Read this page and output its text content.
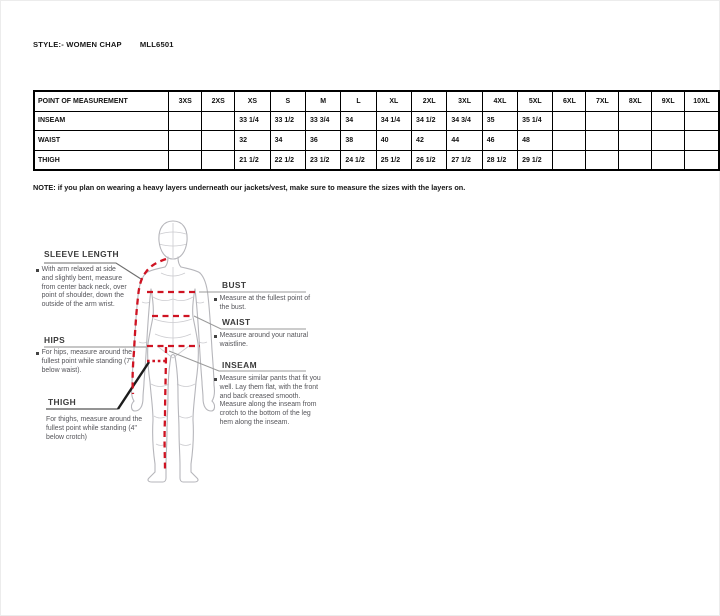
STYLE:- WOMEN CHAP MLL6501
POINT OF MEASUREMENT	3XS	2XS	XS	S	M	L	XL	2XL	3XL	4XL	5XL	6XL	7XL	8XL	9XL	10XL
INSEAM			33 1/4	33 1/2	33 3/4	34	34 1/4	34 1/2	34 3/4	35	35 1/4					
WAIST			32	34	36	38	40	42	44	46	48					
THIGH			21 1/2	22 1/2	23 1/2	24 1/2	25 1/2	26 1/2	27 1/2	28 1/2	29 1/2					
NOTE: if you plan on wearing a heavy layers underneath our jackets/vest, make sure to measure the sizes with the layers on.
SLEEVE LENGTH
With arm relaxed at side and slightly bent, measure from center back neck, over point of shoulder, down the outside of the arm wrist.
HIPS
For hips, measure around the fullest point while standing (7" below waist).
THIGH
For thighs, measure around the fullest point while standing (4" below crotch)
BUST
Measure at the fullest point of the bust.
WAIST
Measure around your natural waistline.
INSEAM
Measure similar pants that fit you well. Lay them flat, with the front and back creased smooth. Measure along the inseam from crotch to the bottom of the leg hem along the inseam.
